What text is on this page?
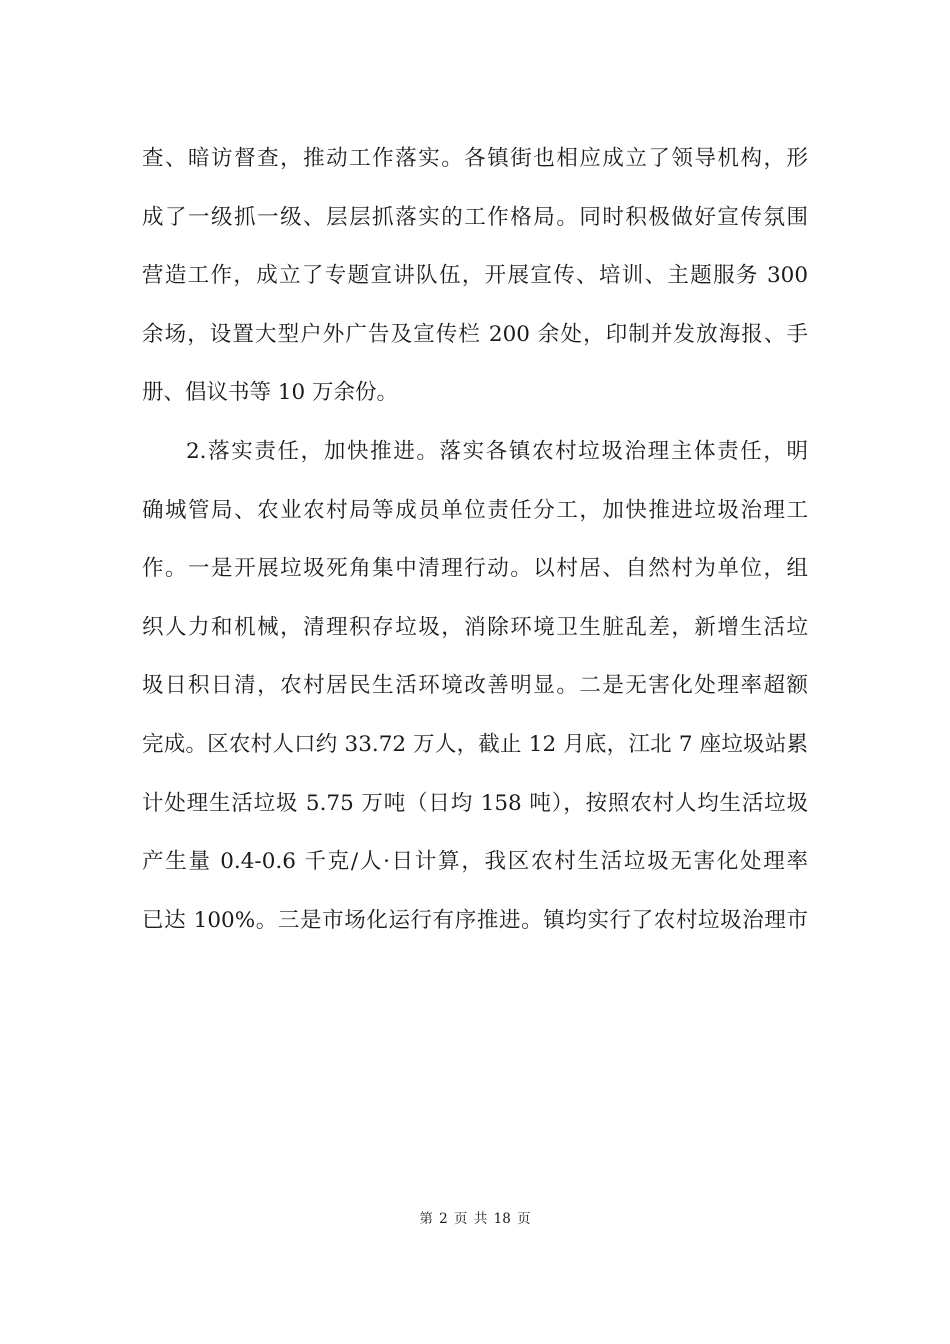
查、暗访督查，推动工作落实。各镇街也相应成立了领导机构，形
成了一级抓一级、层层抓落实的工作格局。同时积极做好宣传氛围
营造工作，成立了专题宣讲队伍，开展宣传、培训、主题服务 300
余场，设置大型户外广告及宣传栏 200 余处，印制并发放海报、手
册、倡议书等 10 万余份。
2.落实责任，加快推进。落实各镇农村垃圾治理主体责任，明
确城管局、农业农村局等成员单位责任分工，加快推进垃圾治理工
作。一是开展垃圾死角集中清理行动。以村居、自然村为单位，组
织人力和机械，清理积存垃圾，消除环境卫生脏乱差，新增生活垃
圾日积日清，农村居民生活环境改善明显。二是无害化处理率超额
完成。区农村人口约 33.72 万人，截止 12 月底，江北 7 座垃圾站累
计处理生活垃圾 5.75 万吨（日均 158 吨），按照农村人均生活垃圾
产生量 0.4-0.6 千克/人·日计算，我区农村生活垃圾无害化处理率
已达 100%。三是市场化运行有序推进。镇均实行了农村垃圾治理市
第 2 页 共 18 页
